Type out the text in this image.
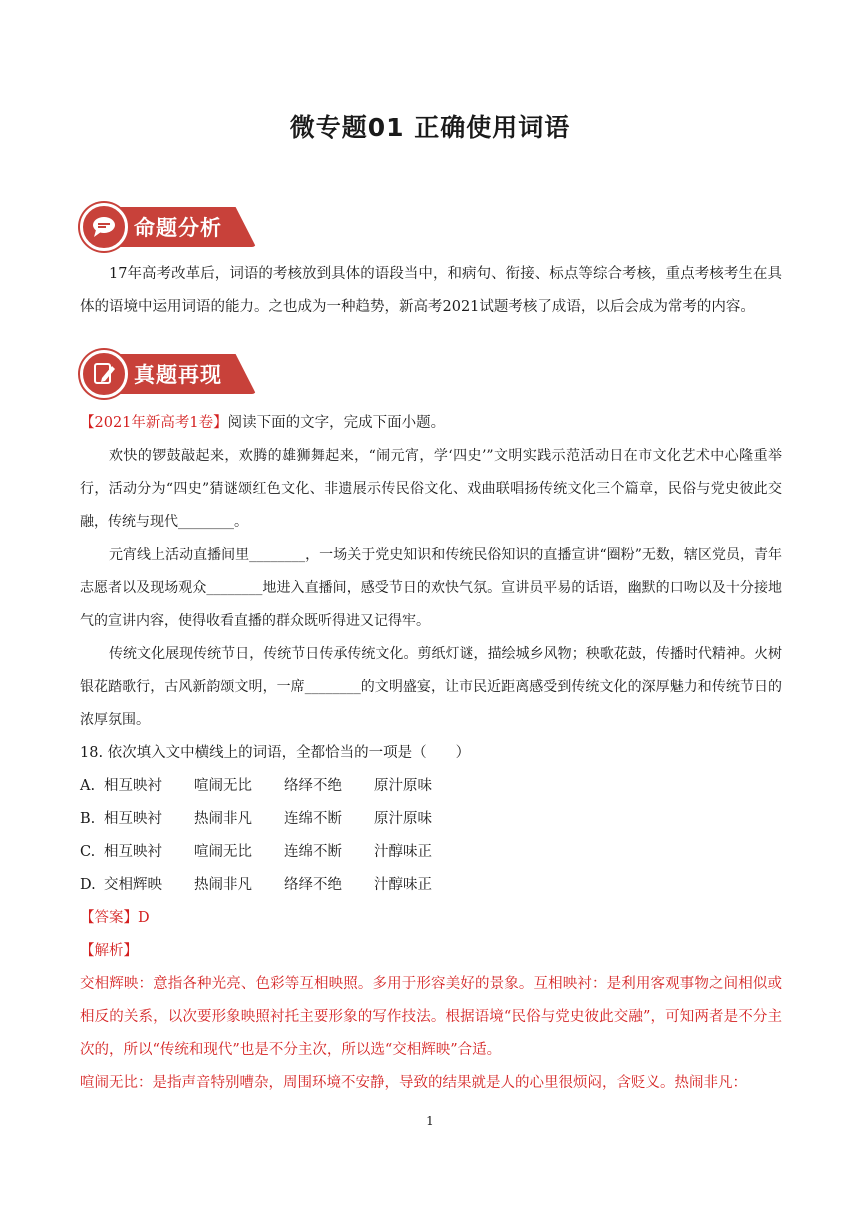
微专题01 正确使用词语
命题分析

17年高考改革后，词语的考核放到具体的语段当中，和病句、衔接、标点等综合考核，重点考核考生在具体的语境中运用词语的能力。之也成为一种趋势，新高考2021试题考核了成语，以后会成为常考的内容。

真题再现

【2021年新高考1卷】阅读下面的文字，完成下面小题。

欢快的锣鼓敲起来，欢腾的雄狮舞起来，“闹元宵，学‘四史’”文明实践示范活动日在市文化艺术中心隆重举行，活动分为“四史”猜谜颂红色文化、非遗展示传民俗文化、戏曲联唱扬传统文化三个篇章，民俗与党史彼此交融，传统与现代________。

元宵线上活动直播间里________，一场关于党史知识和传统民俗知识的直播宣讲“圈粉”无数，辖区党员，青年志愿者以及现场观众________地进入直播间，感受节日的欢快气氛。宣讲员平易的话语，幽默的口吻以及十分接地气的宣讲内容，使得收看直播的群众既听得进又记得牢。

传统文化展现传统节日，传统节日传承传统文化。剪纸灯谜，描绘城乡风物；秧歌花鼓，传播时代精神。火树银花踏歌行，古风新韵颂文明，一席________的文明盛宴，让市民近距离感受到传统文化的深厚魅力和传统节日的浓厚氛围。

18. 依次填入文中横线上的词语，全都恰当的一项是（　　）

A. 相互映衬	喧闹无比	络绎不绝	原汁原味
B. 相互映衬	热闹非凡	连绵不断	原汁原味
C. 相互映衬	喧闹无比	连绵不断	汁醇味正
D. 交相辉映	热闹非凡	络绎不绝	汁醇味正

【答案】D

【解析】

交相辉映：意指各种光亮、色彩等互相映照。多用于形容美好的景象。互相映衬：是利用客观事物之间相似或相反的关系，以次要形象映照衬托主要形象的写作技法。根据语境“民俗与党史彼此交融”，可知两者是不分主次的，所以“传统和现代”也是不分主次，所以选“交相辉映”合适。

喧闹无比：是指声音特别嘈杂，周围环境不安静，导致的结果就是人的心里很烦闷，含贬义。热闹非凡：

1
